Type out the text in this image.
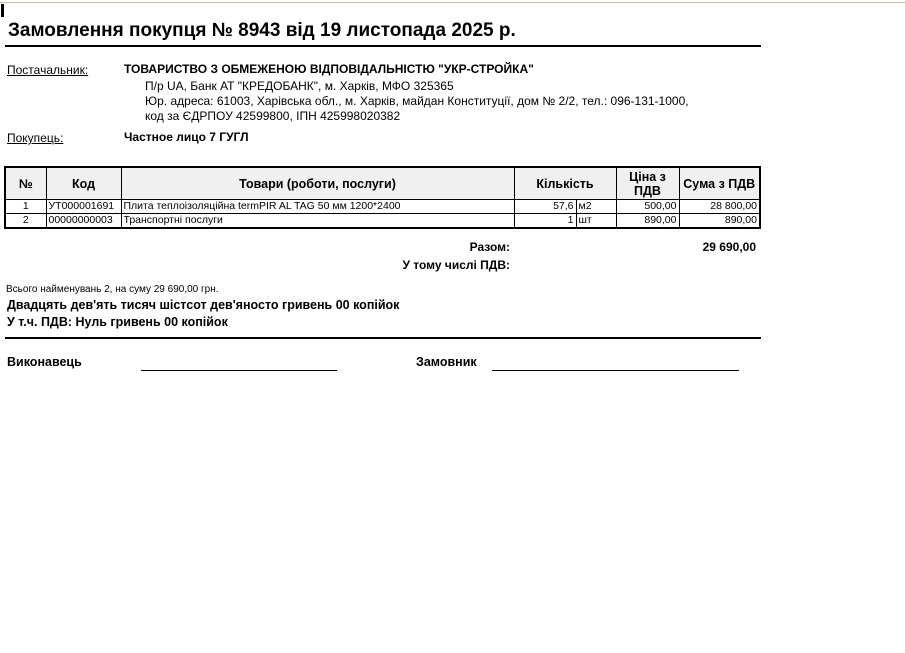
Замовлення покупця № 8943 від 19 листопада 2025 р.
Постачальник:	ТОВАРИСТВО З ОБМЕЖЕНОЮ ВІДПОВІДАЛЬНІСТЮ "УКР-СТРОЙКА"
П/р UA, Банк АТ "КРЕДОБАНК", м. Харків, МФО 325365
Юр. адреса: 61003, Харівська обл., м. Харків, майдан Конституції, дом № 2/2, тел.: 096-131-1000,
код за ЄДРПОУ 42599800, ІПН 425998020382
Покупець:	Частное лицо 7 ГУГЛ
№	Код	Товари (роботи, послуги)	Кількість		Ціна з ПДВ	Сума з ПДВ
1	УТ000001691	Плита теплоізоляційна termPIR AL TAG 50 мм 1200*2400	57,6	м2	500,00	28 800,00
2	00000000003	Транспортні послуги	1	шт	890,00	890,00
Разом:	29 690,00
У тому числі ПДВ:
Всього найменувань 2, на суму 29 690,00 грн.
Двадцять дев'ять тисяч шістсот дев'яносто гривень 00 копійок
У т.ч. ПДВ: Нуль гривень 00 копійок
Виконавець	Замовник
